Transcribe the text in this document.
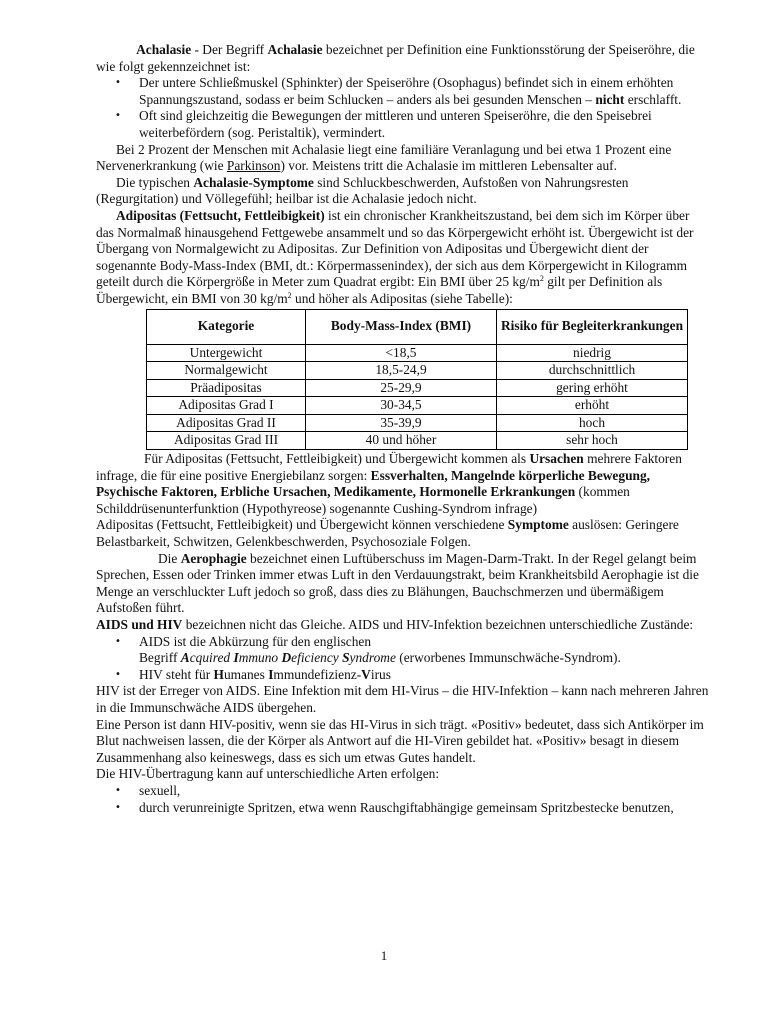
Achalasie - Der Begriff Achalasie bezeichnet per Definition eine Funktionsstörung der Speiseröhre, die wie folgt gekennzeichnet ist:

• Der untere Schließmuskel (Sphinkter) der Speiseröhre (Osophagus) befindet sich in einem erhöhten Spannungszustand, sodass er beim Schlucken – anders als bei gesunden Menschen – nicht erschlafft.
• Oft sind gleichzeitig die Bewegungen der mittleren und unteren Speiseröhre, die den Speisebrei weiterbefördern (sog. Peristaltik), vermindert.

Bei 2 Prozent der Menschen mit Achalasie liegt eine familiäre Veranlagung und bei etwa 1 Prozent eine Nervenerkrankung (wie Parkinson) vor. Meistens tritt die Achalasie im mittleren Lebensalter auf.

Die typischen Achalasie-Symptome sind Schluckbeschwerden, Aufstoßen von Nahrungsresten (Regurgitation) und Völlegefühl; heilbar ist die Achalasie jedoch nicht.

Adipositas (Fettsucht, Fettleibigkeit) ist ein chronischer Krankheitszustand, bei dem sich im Körper über das Normalmaß hinausgehend Fettgewebe ansammelt und so das Körpergewicht erhöht ist. Übergewicht ist der Übergang von Normalgewicht zu Adipositas. Zur Definition von Adipositas und Übergewicht dient der sogenannte Body-Mass-Index (BMI, dt.: Körpermassenindex), der sich aus dem Körpergewicht in Kilogramm geteilt durch die Körpergröße in Meter zum Quadrat ergibt: Ein BMI über 25 $kg/m^2$ gilt per Definition als Übergewicht, ein BMI von 30 $kg/m^2$ und höher als Adipositas (siehe Tabelle):

Kategorie	Body-Mass-Index (BMI)	Risiko für Begleiterkrankungen
Untergewicht	<18,5	niedrig
Normalgewicht	18,5-24,9	durchschnittlich
Präadipositas	25-29,9	gering erhöht
Adipositas Grad I	30-34,5	erhöht
Adipositas Grad II	35-39,9	hoch
Adipositas Grad III	40 und höher	sehr hoch

Für Adipositas (Fettsucht, Fettleibigkeit) und Übergewicht kommen als Ursachen mehrere Faktoren infrage, die für eine positive Energiebilanz sorgen: Essverhalten, Mangelnde körperliche Bewegung, Psychische Faktoren, Erbliche Ursachen, Medikamente, Hormonelle Erkrankungen (kommen Schilddrüsenunterfunktion (Hypothyreose) sogenannte Cushing-Syndrom infrage)

Adipositas (Fettsucht, Fettleibigkeit) und Übergewicht können verschiedene Symptome auslösen: Geringere Belastbarkeit, Schwitzen, Gelenkbeschwerden, Psychosoziale Folgen.

Die Aerophagie bezeichnet einen Luftüberschuss im Magen-Darm-Trakt. In der Regel gelangt beim Sprechen, Essen oder Trinken immer etwas Luft in den Verdauungstrakt, beim Krankheitsbild Aerophagie ist die Menge an verschluckter Luft jedoch so groß, dass dies zu Blähungen, Bauchschmerzen und übermäßigem Aufstoßen führt.

AIDS und HIV bezeichnen nicht das Gleiche. AIDS und HIV-Infektion bezeichnen unterschiedliche Zustände:

• AIDS ist die Abkürzung für den englischen
Begriff Acquired Immuno Deficiency Syndrome (erworbenes Immunschwäche-Syndrom).
• HIV steht für Humanes Immundefizienz-Virus

HIV ist der Erreger von AIDS. Eine Infektion mit dem HI-Virus – die HIV-Infektion – kann nach mehreren Jahren in die Immunschwäche AIDS übergehen.

Eine Person ist dann HIV-positiv, wenn sie das HI-Virus in sich trägt. «Positiv» bedeutet, dass sich Antikörper im Blut nachweisen lassen, die der Körper als Antwort auf die HI-Viren gebildet hat. «Positiv» besagt in diesem Zusammenhang also keineswegs, dass es sich um etwas Gutes handelt.

Die HIV-Übertragung kann auf unterschiedliche Arten erfolgen:

• sexuell,
• durch verunreinigte Spritzen, etwa wenn Rauschgiftabhängige gemeinsam Spritzbestecke benutzen,
1
